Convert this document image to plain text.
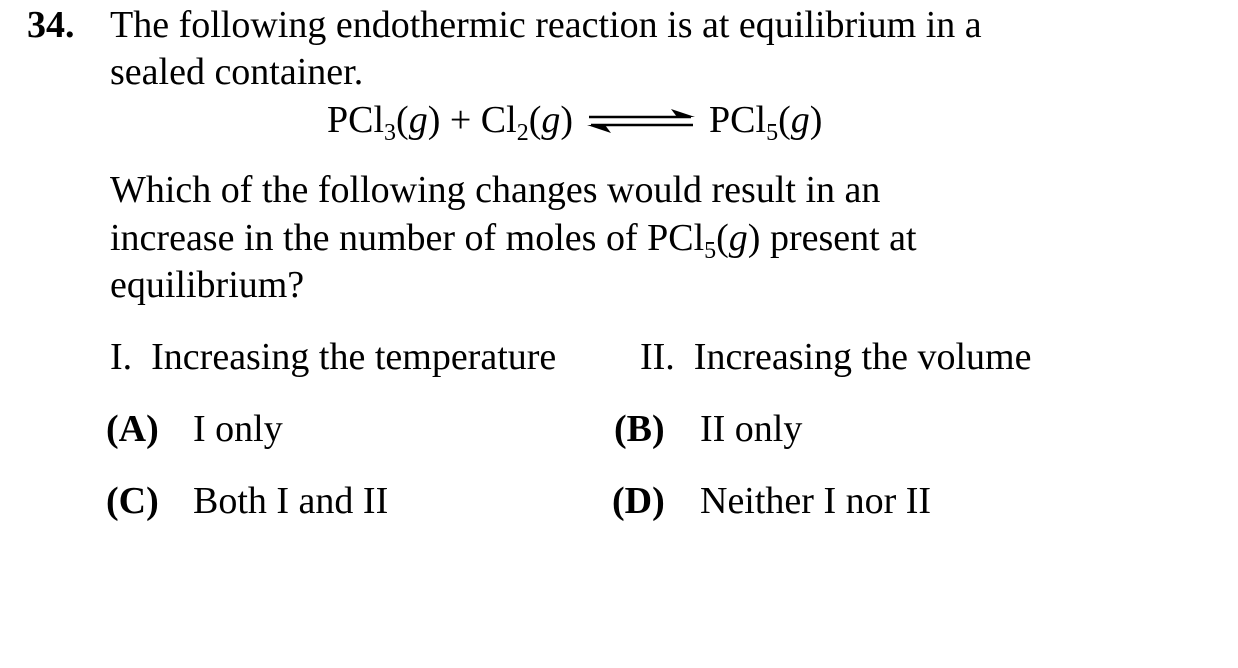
34. The following endothermic reaction is at equilibrium in a
sealed container.
$PCl_3(g) + Cl_2(g)$ ⇌ PCl$_5$(g)
Which of the following changes would result in an
increase in the number of moles of PCl$_5$(g) present at
equilibrium?
I.  Increasing the temperature II.  Increasing the volume
(A) I only	(B) II only
(C) Both I and II	(D) Neither I nor II
